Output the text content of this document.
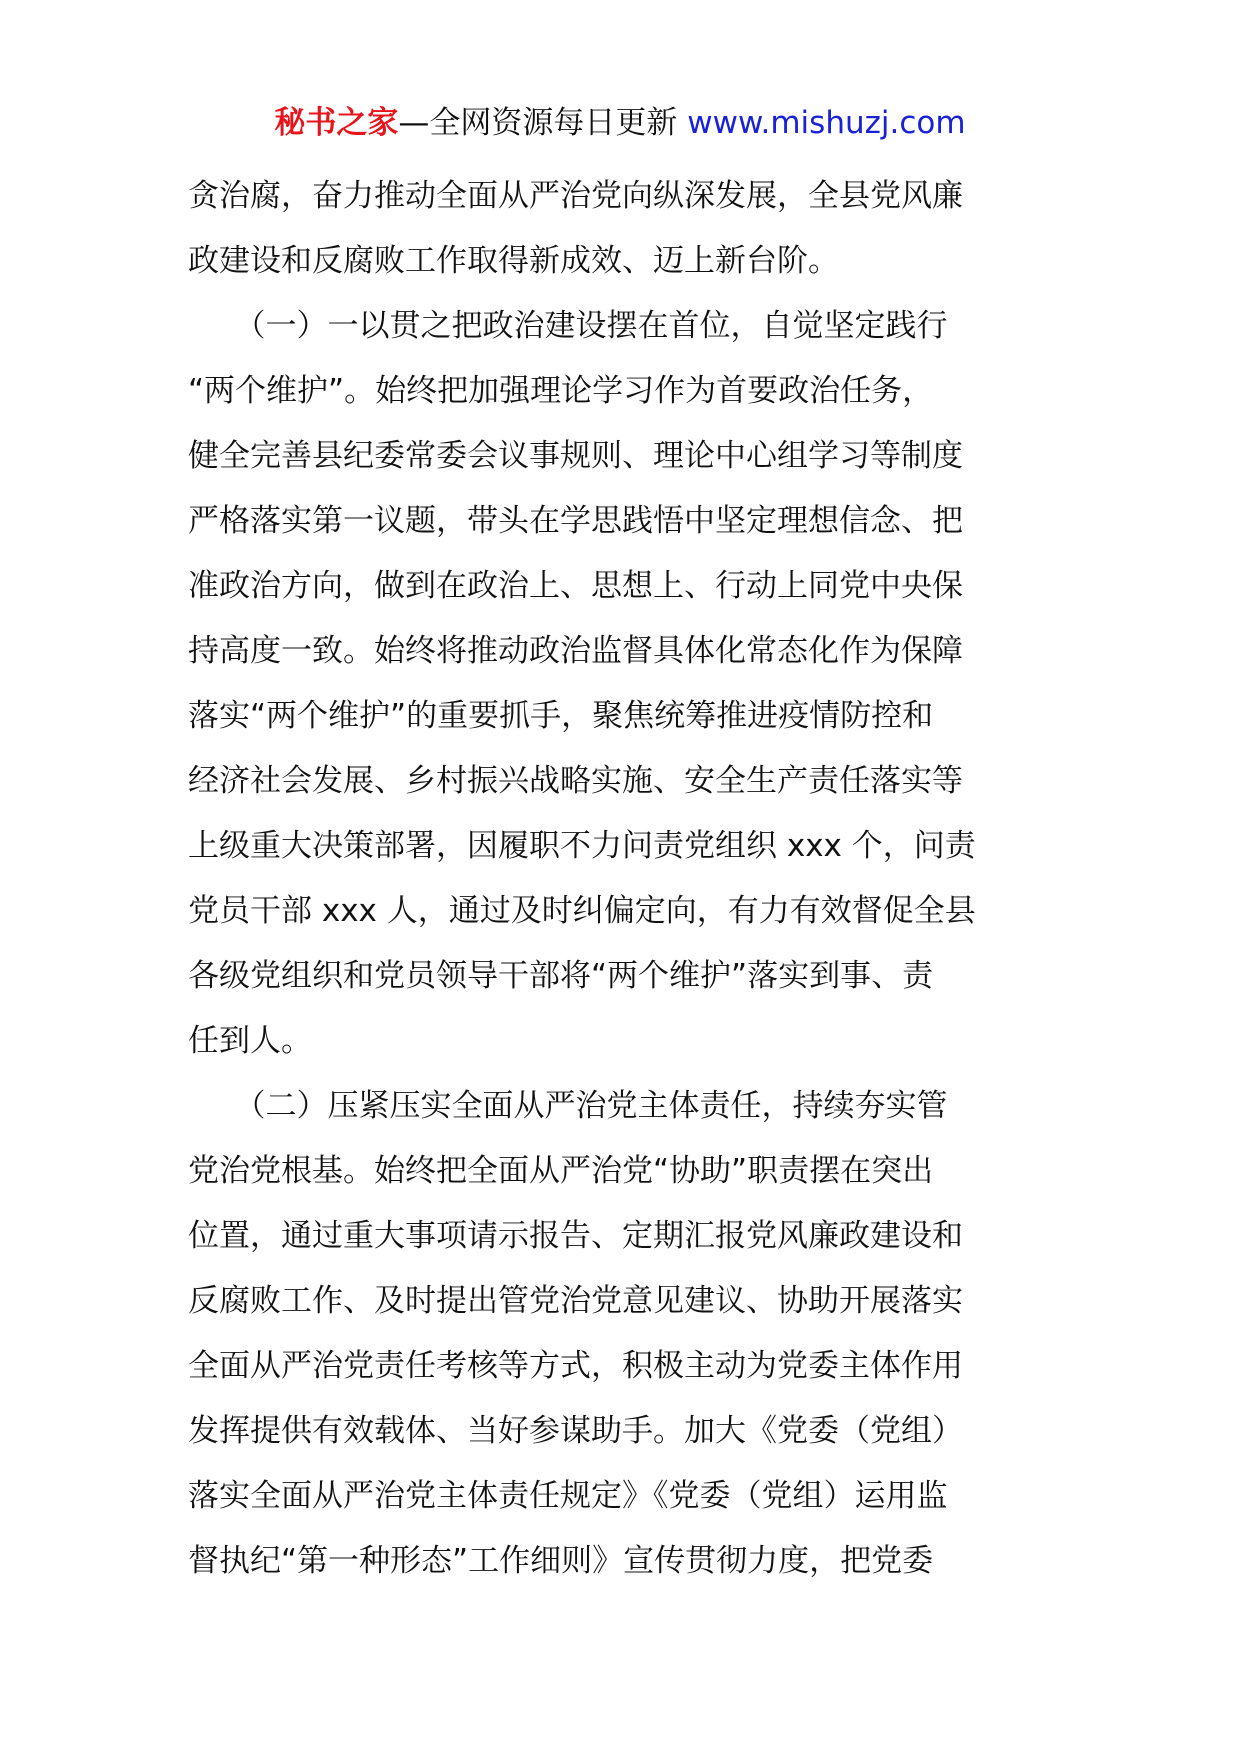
秘书之家—全网资源每日更新 www.mishuzj.com
贪治腐，奋力推动全面从严治党向纵深发展，全县党风廉
政建设和反腐败工作取得新成效、迈上新台阶。
　　（一）一以贯之把政治建设摆在首位，自觉坚定践行
“两个维护”。始终把加强理论学习作为首要政治任务，
健全完善县纪委常委会议事规则、理论中心组学习等制度
严格落实第一议题，带头在学思践悟中坚定理想信念、把
准政治方向，做到在政治上、思想上、行动上同党中央保
持高度一致。始终将推动政治监督具体化常态化作为保障
落实“两个维护”的重要抓手，聚焦统筹推进疫情防控和
经济社会发展、乡村振兴战略实施、安全生产责任落实等
上级重大决策部署，因履职不力问责党组织 xxx 个，问责
党员干部 xxx 人，通过及时纠偏定向，有力有效督促全县
各级党组织和党员领导干部将“两个维护”落实到事、责
任到人。
　　（二）压紧压实全面从严治党主体责任，持续夯实管
党治党根基。始终把全面从严治党“协助”职责摆在突出
位置，通过重大事项请示报告、定期汇报党风廉政建设和
反腐败工作、及时提出管党治党意见建议、协助开展落实
全面从严治党责任考核等方式，积极主动为党委主体作用
发挥提供有效载体、当好参谋助手。加大《党委（党组）
落实全面从严治党主体责任规定》《党委（党组）运用监
督执纪“第一种形态”工作细则》宣传贯彻力度，把党委
